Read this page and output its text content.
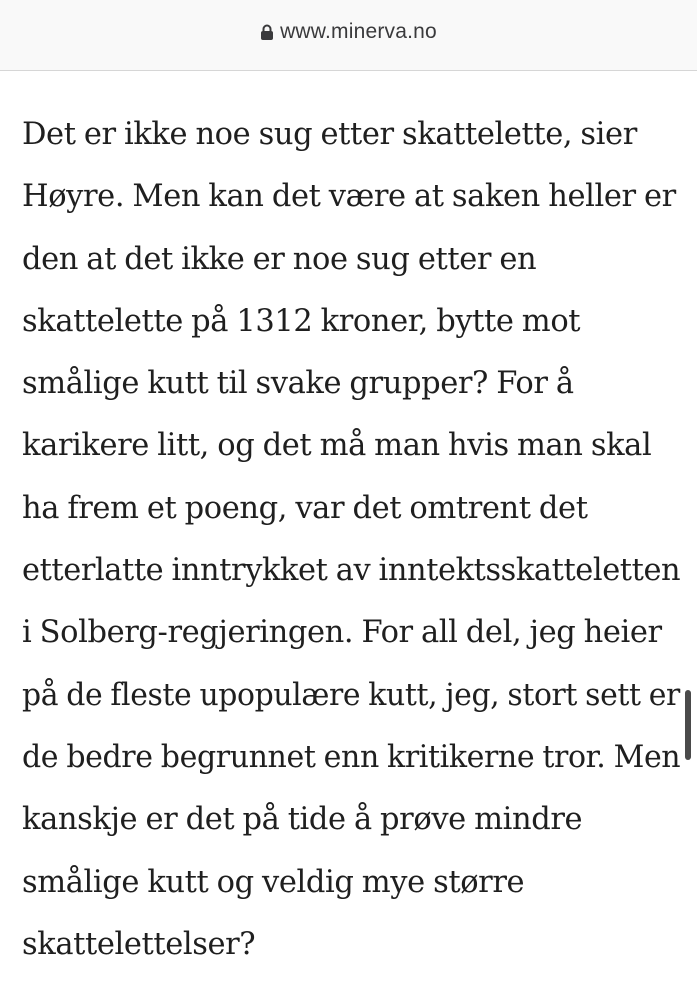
www.minerva.no

Det er ikke noe sug etter skattelette, sier
Høyre. Men kan det være at saken heller er
den at det ikke er noe sug etter en
skattelette på 1312 kroner, bytte mot
smålige kutt til svake grupper? For å
karikere litt, og det må man hvis man skal
ha frem et poeng, var det omtrent det
etterlatte inntrykket av inntektsskatteletten
i Solberg-regjeringen. For all del, jeg heier
på de fleste upopulære kutt, jeg, stort sett er
de bedre begrunnet enn kritikerne tror. Men
kanskje er det på tide å prøve mindre
smålige kutt og veldig mye større
skattelettelser?
